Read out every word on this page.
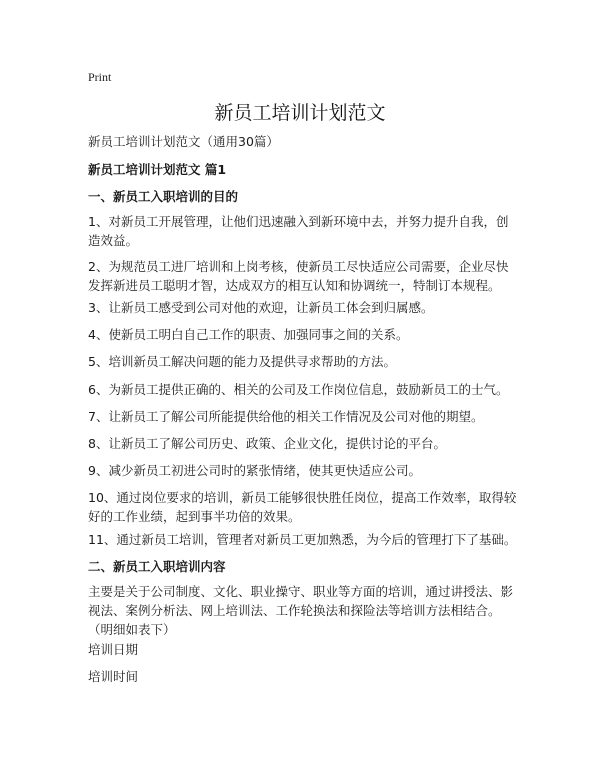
Print
新员工培训计划范文
新员工培训计划范文（通用30篇）
新员工培训计划范文 篇1
一、新员工入职培训的目的
1、对新员工开展管理，让他们迅速融入到新环境中去，并努力提升自我，创造效益。
2、为规范员工进厂培训和上岗考核，使新员工尽快适应公司需要，企业尽快发挥新进员工聪明才智，达成双方的相互认知和协调统一，特制订本规程。
3、让新员工感受到公司对他的欢迎，让新员工体会到归属感。
4、使新员工明白自己工作的职责、加强同事之间的关系。
5、培训新员工解决问题的能力及提供寻求帮助的方法。
6、为新员工提供正确的、相关的公司及工作岗位信息，鼓励新员工的士气。
7、让新员工了解公司所能提供给他的相关工作情况及公司对他的期望。
8、让新员工了解公司历史、政策、企业文化，提供讨论的平台。
9、减少新员工初进公司时的紧张情绪，使其更快适应公司。
10、通过岗位要求的培训，新员工能够很快胜任岗位，提高工作效率，取得较好的工作业绩，起到事半功倍的效果。
11、通过新员工培训，管理者对新员工更加熟悉，为今后的管理打下了基础。
二、新员工入职培训内容
主要是关于公司制度、文化、职业操守、职业等方面的培训，通过讲授法、影视法、案例分析法、网上培训法、工作轮换法和探险法等培训方法相结合。（明细如表下）
培训日期
培训时间
